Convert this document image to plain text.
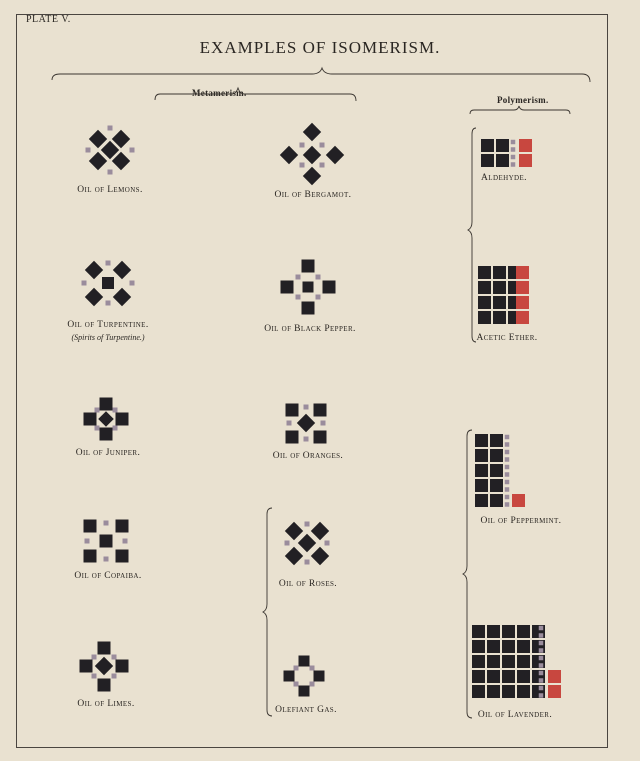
PLATE V.
EXAMPLES OF ISOMERISM.
Metamerism.
Polymerism.
Oil of Lemons.
Oil of Turpentine.
(Spirits of Turpentine.)
Oil of Juniper.
Oil of Copaiba.
Oil of Limes.
Oil of Bergamot.
Oil of Black Pepper.
Oil of Oranges.
Oil of Roses.
Olefiant Gas.
Aldehyde.
Acetic Ether.
Oil of Peppermint.
Oil of Lavender.
